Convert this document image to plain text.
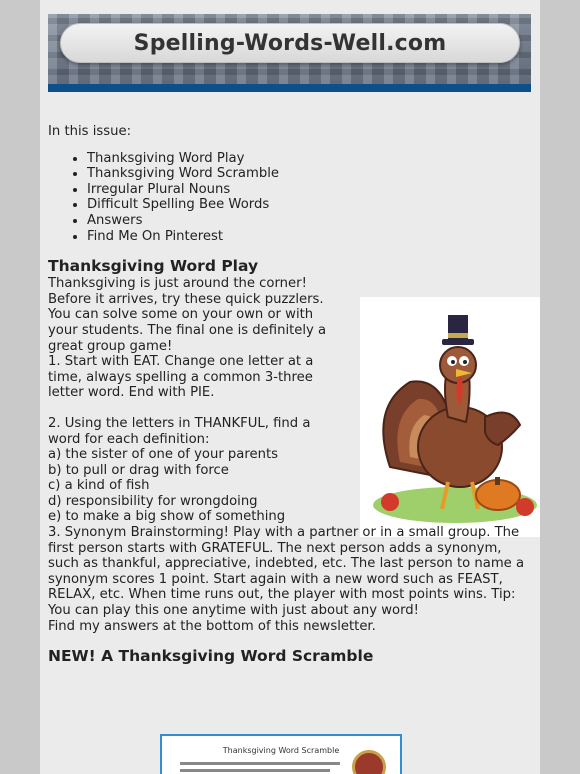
Spelling-Words-Well.com

In this issue:

• Thanksgiving Word Play
• Thanksgiving Word Scramble
• Irregular Plural Nouns
• Difficult Spelling Bee Words
• Answers
• Find Me On Pinterest
Thanksgiving Word Play

Thanksgiving is just around the corner! Before it arrives, try these quick puzzlers. You can solve some on your own or with your students. The final one is definitely a great group game!

1. Start with EAT. Change one letter at a time, always spelling a common 3-three letter word. End with PIE.

2. Using the letters in THANKFUL, find a word for each definition:

a) the sister of one of your parents

b) to pull or drag with force

c) a kind of fish

d) responsibility for wrongdoing

e) to make a big show of something

3. Synonym Brainstorming! Play with a partner or in a small group. The first person starts with GRATEFUL. The next person adds a synonym, such as thankful, appreciative, indebted, etc. The last person to name a synonym scores 1 point. Start again with a new word such as FEAST, RELAX, etc. When time runs out, the player with most points wins. Tip: You can play this one anytime with just about any word!

Find my answers at the bottom of this newsletter.

NEW! A Thanksgiving Word Scramble
Thanksgiving Word Scramble
